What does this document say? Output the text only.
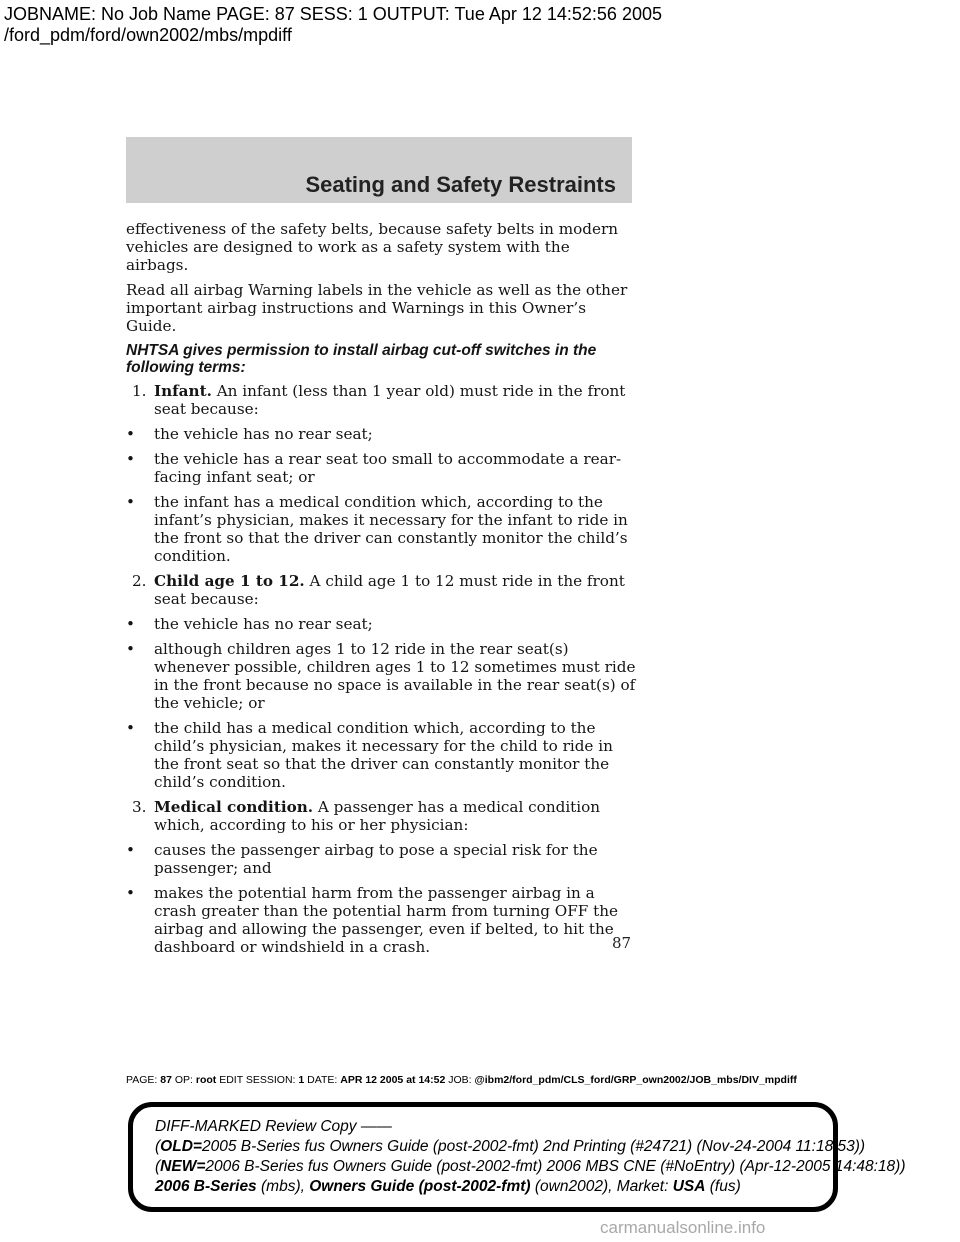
JOBNAME: No Job Name PAGE: 87 SESS: 1 OUTPUT: Tue Apr 12 14:52:56 2005
/ford_pdm/ford/own2002/mbs/mpdiff
Seating and Safety Restraints

effectiveness of the safety belts, because safety belts in modern vehicles are designed to work as a safety system with the airbags.

Read all airbag Warning labels in the vehicle as well as the other important airbag instructions and Warnings in this Owner’s Guide.

NHTSA gives permission to install airbag cut-off switches in the following terms:

1. Infant. An infant (less than 1 year old) must ride in the front seat because:
•	the vehicle has no rear seat;
•	the vehicle has a rear seat too small to accommodate a rear-facing infant seat; or
•	the infant has a medical condition which, according to the infant’s physician, makes it necessary for the infant to ride in the front so that the driver can constantly monitor the child’s condition.
2. Child age 1 to 12. A child age 1 to 12 must ride in the front seat because:
•	the vehicle has no rear seat;
•	although children ages 1 to 12 ride in the rear seat(s) whenever possible, children ages 1 to 12 sometimes must ride in the front because no space is available in the rear seat(s) of the vehicle; or
•	the child has a medical condition which, according to the child’s physician, makes it necessary for the child to ride in the front seat so that the driver can constantly monitor the child’s condition.
3. Medical condition. A passenger has a medical condition which, according to his or her physician:
•	causes the passenger airbag to pose a special risk for the passenger; and
•	makes the potential harm from the passenger airbag in a crash greater than the potential harm from turning OFF the airbag and allowing the passenger, even if belted, to hit the dashboard or windshield in a crash.	87
PAGE: 87 OP: root EDIT SESSION: 1 DATE: APR 12 2005 at 14:52 JOB: @ibm2/ford_pdm/CLS_ford/GRP_own2002/JOB_mbs/DIV_mpdiff
DIFF-MARKED Review Copy ——
(OLD=2005 B-Series fus Owners Guide (post-2002-fmt) 2nd Printing (#24721) (Nov-24-2004 11:18:53))
(NEW=2006 B-Series fus Owners Guide (post-2002-fmt) 2006 MBS CNE (#NoEntry) (Apr-12-2005 14:48:18))
2006 B-Series (mbs), Owners Guide (post-2002-fmt) (own2002), Market: USA (fus)
carmanualsonline.info
